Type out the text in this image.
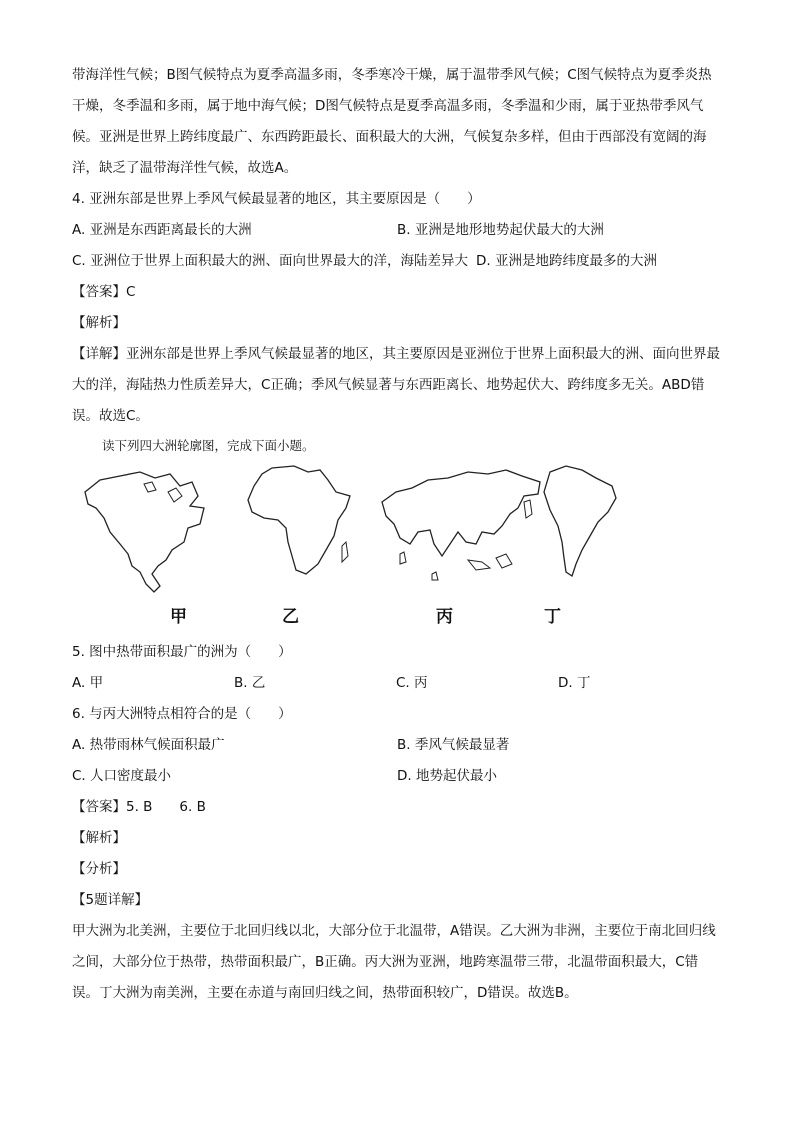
带海洋性气候；B图气候特点为夏季高温多雨，冬季寒冷干燥，属于温带季风气候；C图气候特点为夏季炎热干燥，冬季温和多雨，属于地中海气候；D图气候特点是夏季高温多雨，冬季温和少雨，属于亚热带季风气候。亚洲是世界上跨纬度最广、东西跨距最长、面积最大的大洲，气候复杂多样，但由于西部没有宽阔的海洋，缺乏了温带海洋性气候，故选A。

4. 亚洲东部是世界上季风气候最显著的地区，其主要原因是（　　）

A. 亚洲是东西距离最长的大洲	B. 亚洲是地形地势起伏最大的大洲
C. 亚洲位于世界上面积最大的洲、面向世界最大的洋，海陆差异大 D. 亚洲是地跨纬度最多的大洲

【答案】C

【解析】

【详解】亚洲东部是世界上季风气候最显著的地区，其主要原因是亚洲位于世界上面积最大的洲、面向世界最大的洋，海陆热力性质差异大，C正确；季风气候显著与东西距离长、地势起伏大、跨纬度多无关。ABD错误。故选C。

读下列四大洲轮廓图，完成下面小题。
甲	乙	丙	丁

5. 图中热带面积最广的洲为（　　）

A. 甲	B. 乙	C. 丙	D. 丁

6. 与丙大洲特点相符合的是（　　）

A. 热带雨林气候面积最广	B. 季风气候最显著
C. 人口密度最小	D. 地势起伏最小

【答案】5. B　　6. B

【解析】

【分析】

【5题详解】

甲大洲为北美洲，主要位于北回归线以北，大部分位于北温带，A错误。乙大洲为非洲，主要位于南北回归线之间，大部分位于热带，热带面积最广，B正确。丙大洲为亚洲，地跨寒温带三带，北温带面积最大，C错误。丁大洲为南美洲，主要在赤道与南回归线之间，热带面积较广，D错误。故选B。
